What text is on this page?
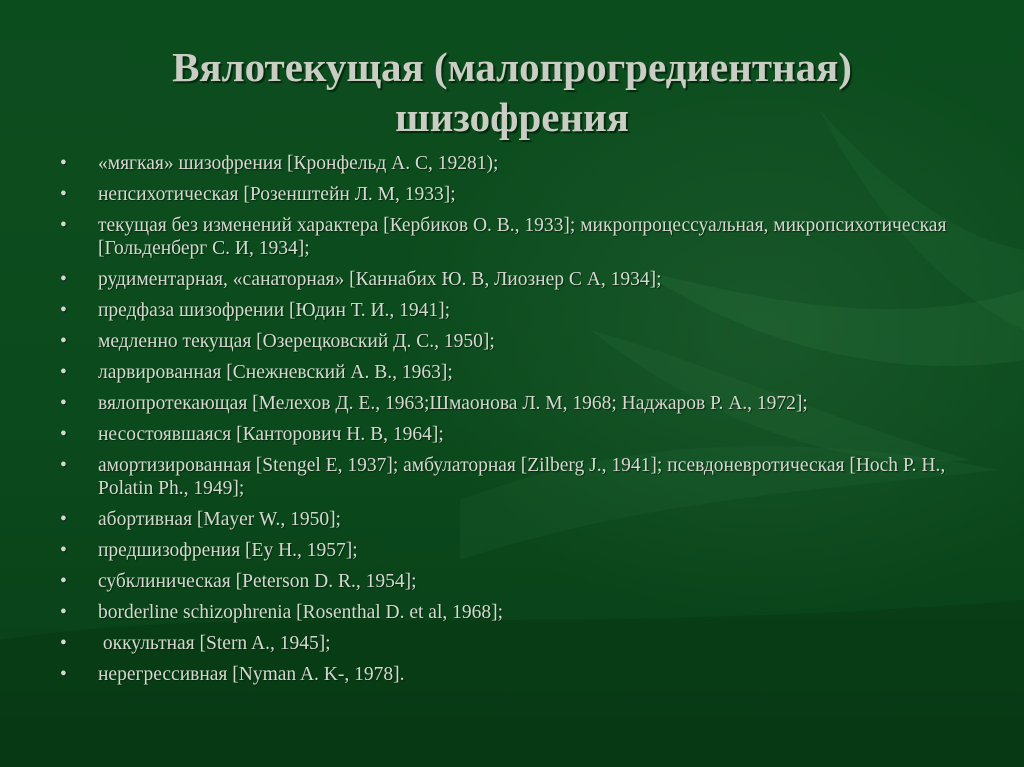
Вялотекущая (малопрогредиентная)
шизофрения
•	«мягкая» шизофрения [Кронфельд А. С, 19281);
•	непсихотическая [Розенштейн Л. М, 1933];
•	текущая без изменений характера [Кербиков О. В., 1933]; микропроцессуальная, микропсихотическая [Гольденберг С. И, 1934];
•	рудиментарная, «санаторная» [Каннабих Ю. В, Лиознер С А, 1934];
•	предфаза шизофрении [Юдин Т. И., 1941];
•	медленно текущая [Озерецковский Д. С., 1950];
•	ларвированная [Снежневский А. В., 1963];
•	вялопротекающая [Мелехов Д. Е., 1963;Шмаонова Л. М, 1968; Наджаров Р. А., 1972];
•	несостоявшаяся [Канторович Н. В, 1964];
•	амортизированная [Stengel E, 1937]; амбулаторная [Zilberg J., 1941]; псевдоневротическая [Hoch P. H., Polatin Ph., 1949];
•	абортивная [Mayer W., 1950];
•	предшизофрения [Еу Н., 1957];
•	субклиническая [Peterson D. R., 1954];
•	borderline schizophrenia [Rosenthal D. et al, 1968];
•	оккультная [Stern A., 1945];
•	нерегрессивная [Nyman A. K-, 1978].
